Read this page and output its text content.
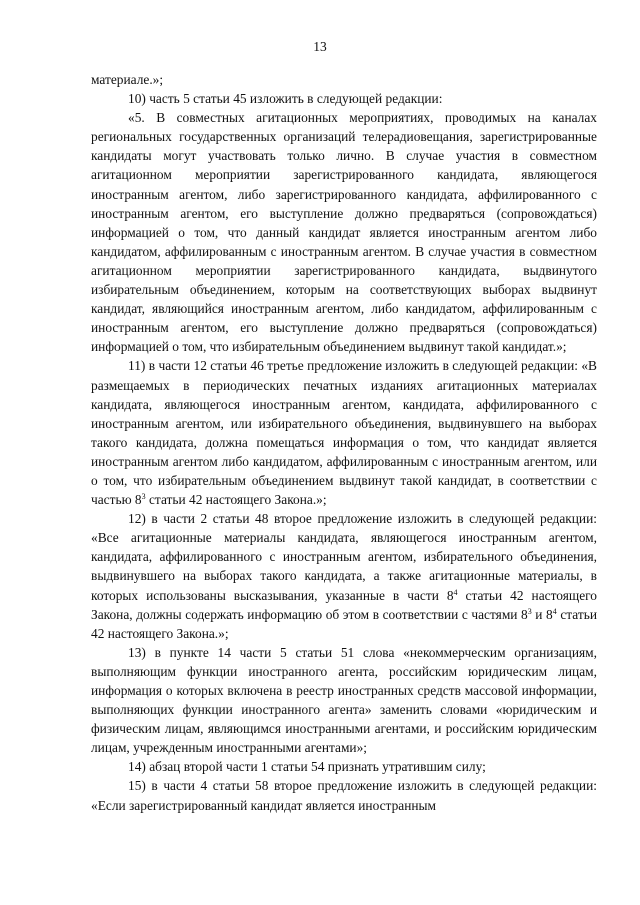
13

материале.»;

10) часть 5 статьи 45 изложить в следующей редакции:

«5. В совместных агитационных мероприятиях, проводимых на каналах региональных государственных организаций телерадиовещания, зарегистрированные кандидаты могут участвовать только лично. В случае участия в совместном агитационном мероприятии зарегистрированного кандидата, являющегося иностранным агентом, либо зарегистрированного кандидата, аффилированного с иностранным агентом, его выступление должно предваряться (сопровождаться) информацией о том, что данный кандидат является иностранным агентом либо кандидатом, аффилированным с иностранным агентом. В случае участия в совместном агитационном мероприятии зарегистрированного кандидата, выдвинутого избирательным объединением, которым на соответствующих выборах выдвинут кандидат, являющийся иностранным агентом, либо кандидатом, аффилированным с иностранным агентом, его выступление должно предваряться (сопровождаться) информацией о том, что избирательным объединением выдвинут такой кандидат.»;

11) в части 12 статьи 46 третье предложение изложить в следующей редакции: «В размещаемых в периодических печатных изданиях агитационных материалах кандидата, являющегося иностранным агентом, кандидата, аффилированного с иностранным агентом, или избирательного объединения, выдвинувшего на выборах такого кандидата, должна помещаться информация о том, что кандидат является иностранным агентом либо кандидатом, аффилированным с иностранным агентом, или о том, что избирательным объединением выдвинут такой кандидат, в соответствии с частью $8^3$ статьи 42 настоящего Закона.»;

12) в части 2 статьи 48 второе предложение изложить в следующей редакции: «Все агитационные материалы кандидата, являющегося иностранным агентом, кандидата, аффилированного с иностранным агентом, избирательного объединения, выдвинувшего на выборах такого кандидата, а также агитационные материалы, в которых использованы высказывания, указанные в части $8^4$ статьи 42 настоящего Закона, должны содержать информацию об этом в соответствии с частями $8^3$ и $8^4$ статьи 42 настоящего Закона.»;

13) в пункте 14 части 5 статьи 51 слова «некоммерческим организациям, выполняющим функции иностранного агента, российским юридическим лицам, информация о которых включена в реестр иностранных средств массовой информации, выполняющих функции иностранного агента» заменить словами «юридическим и физическим лицам, являющимся иностранными агентами, и российским юридическим лицам, учрежденным иностранными агентами»;

14) абзац второй части 1 статьи 54 признать утратившим силу;

15) в части 4 статьи 58 второе предложение изложить в следующей редакции: «Если зарегистрированный кандидат является иностранным
